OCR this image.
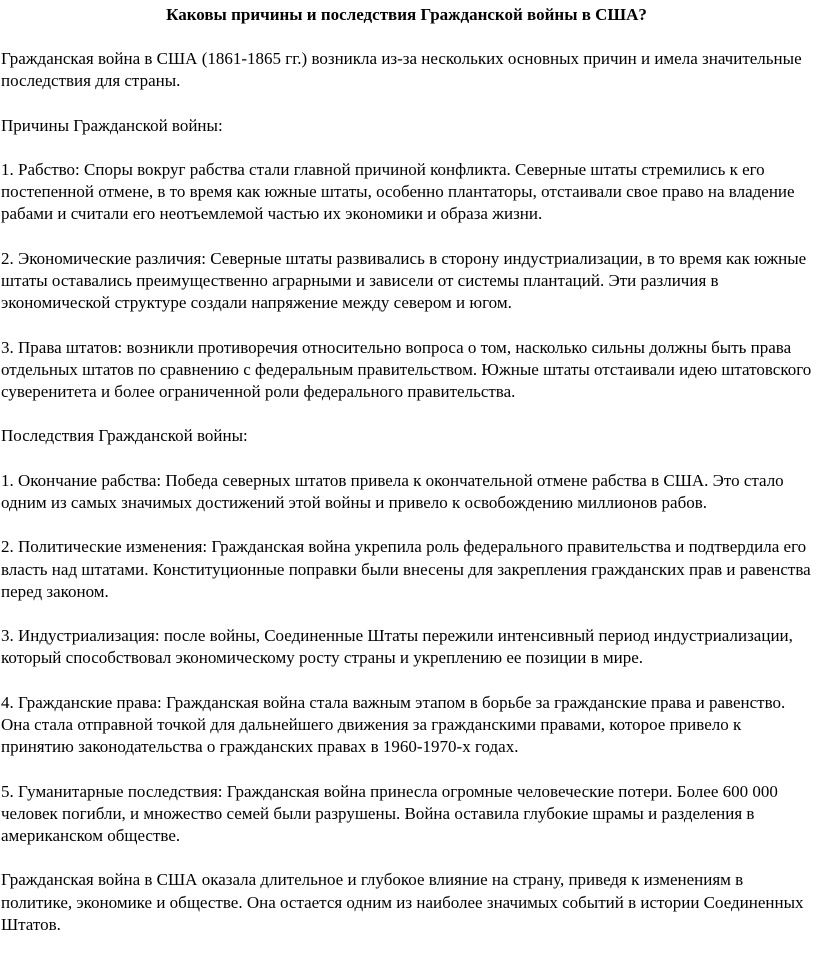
Каковы причины и последствия Гражданской войны в США?

Гражданская война в США (1861-1865 гг.) возникла из-за нескольких основных причин и имела значительные последствия для страны.

Причины Гражданской войны:

1. Рабство: Споры вокруг рабства стали главной причиной конфликта. Северные штаты стремились к его постепенной отмене, в то время как южные штаты, особенно плантаторы, отстаивали свое право на владение рабами и считали его неотъемлемой частью их экономики и образа жизни.

2. Экономические различия: Северные штаты развивались в сторону индустриализации, в то время как южные штаты оставались преимущественно аграрными и зависели от системы плантаций. Эти различия в экономической структуре создали напряжение между севером и югом.

3. Права штатов: возникли противоречия относительно вопроса о том, насколько сильны должны быть права отдельных штатов по сравнению с федеральным правительством. Южные штаты отстаивали идею штатовского суверенитета и более ограниченной роли федерального правительства.

Последствия Гражданской войны:

1. Окончание рабства: Победа северных штатов привела к окончательной отмене рабства в США. Это стало одним из самых значимых достижений этой войны и привело к освобождению миллионов рабов.

2. Политические изменения: Гражданская война укрепила роль федерального правительства и подтвердила его власть над штатами. Конституционные поправки были внесены для закрепления гражданских прав и равенства перед законом.

3. Индустриализация: после войны, Соединенные Штаты пережили интенсивный период индустриализации, который способствовал экономическому росту страны и укреплению ее позиции в мире.

4. Гражданские права: Гражданская война стала важным этапом в борьбе за гражданские права и равенство. Она стала отправной точкой для дальнейшего движения за гражданскими правами, которое привело к принятию законодательства о гражданских правах в 1960-1970-х годах.

5. Гуманитарные последствия: Гражданская война принесла огромные человеческие потери. Более 600 000 человек погибли, и множество семей были разрушены. Война оставила глубокие шрамы и разделения в американском обществе.

Гражданская война в США оказала длительное и глубокое влияние на страну, приведя к изменениям в политике, экономике и обществе. Она остается одним из наиболее значимых событий в истории Соединенных Штатов.
